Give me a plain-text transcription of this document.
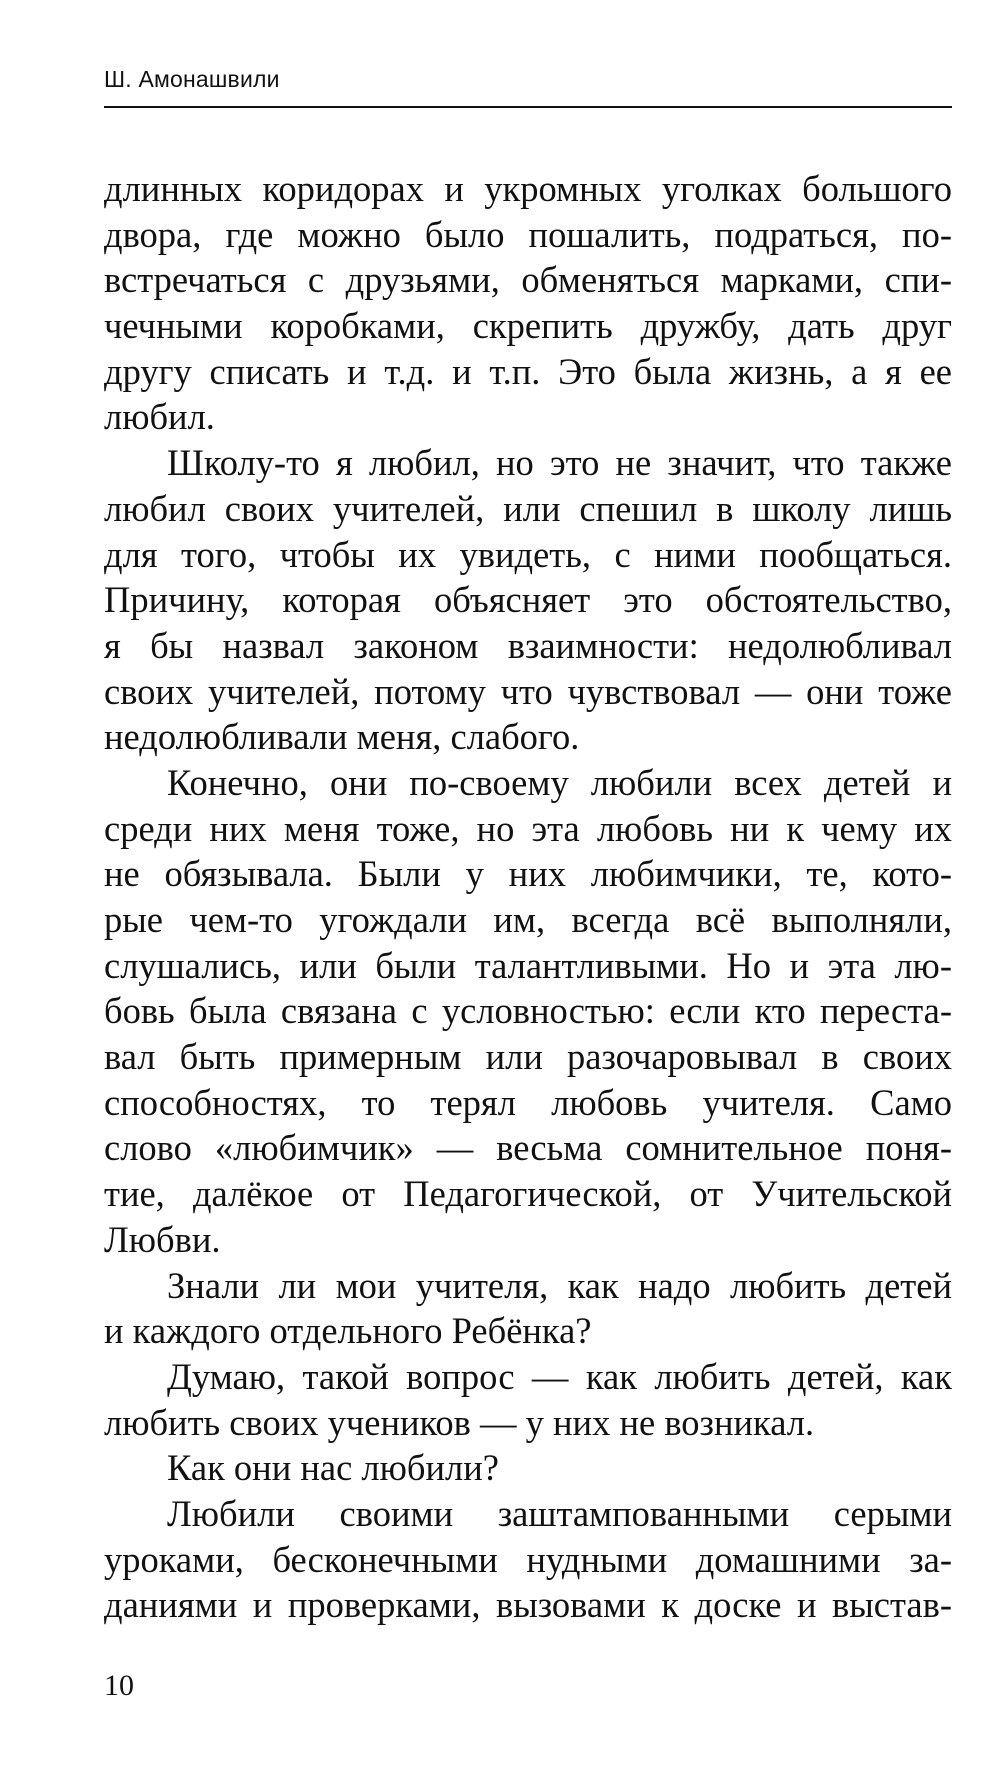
Ш. Амонашвили
длинных коридорах и укромных уголках большого
двора, где можно было пошалить, подраться, по-
встречаться с друзьями, обменяться марками, спи-
чечными коробками, скрепить дружбу, дать друг
другу списать и т.д. и т.п. Это была жизнь, а я ее
любил.
Школу-то я любил, но это не значит, что также
любил своих учителей, или спешил в школу лишь
для того, чтобы их увидеть, с ними пообщаться.
Причину, которая объясняет это обстоятельство,
я бы назвал законом взаимности: недолюбливал
своих учителей, потому что чувствовал — они тоже
недолюбливали меня, слабого.
Конечно, они по-своему любили всех детей и
среди них меня тоже, но эта любовь ни к чему их
не обязывала. Были у них любимчики, те, кото-
рые чем-то угождали им, всегда всё выполняли,
слушались, или были талантливыми. Но и эта лю-
бовь была связана с условностью: если кто переста-
вал быть примерным или разочаровывал в своих
способностях, то терял любовь учителя. Само
слово «любимчик» — весьма сомнительное поня-
тие, далёкое от Педагогической, от Учительской
Любви.
Знали ли мои учителя, как надо любить детей
и каждого отдельного Ребёнка?
Думаю, такой вопрос — как любить детей, как
любить своих учеников — у них не возникал.
Как они нас любили?
Любили своими заштампованными серыми
уроками, бесконечными нудными домашними за-
даниями и проверками, вызовами к доске и выстав-
10
